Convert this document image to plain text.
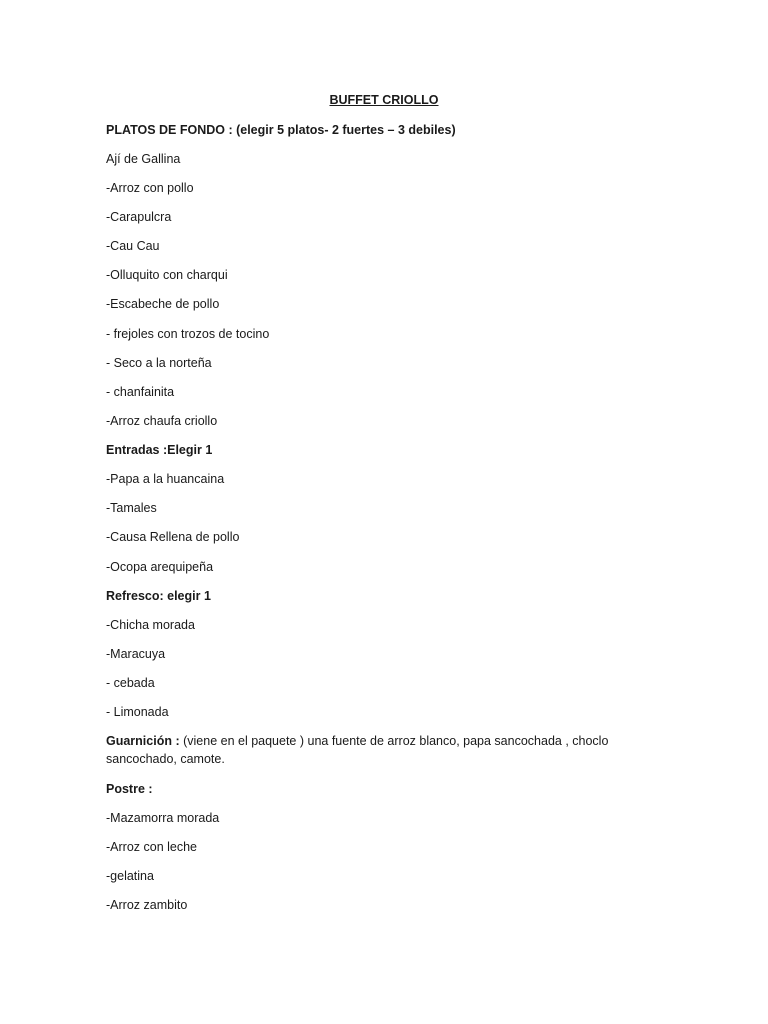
BUFFET CRIOLLO
PLATOS DE FONDO : (elegir 5 platos- 2 fuertes – 3 debiles)
Ají de Gallina
-Arroz con pollo
-Carapulcra
-Cau Cau
-Olluquito con charqui
-Escabeche de pollo
- frejoles con trozos de tocino
- Seco a la norteña
- chanfainita
-Arroz chaufa criollo
Entradas :Elegir 1
-Papa a la huancaina
-Tamales
-Causa Rellena de pollo
-Ocopa arequipeña
Refresco: elegir 1
-Chicha morada
-Maracuya
- cebada
- Limonada
Guarnición : (viene en el paquete ) una fuente de arroz blanco, papa sancochada , choclo sancochado, camote.
Postre :
-Mazamorra morada
-Arroz con leche
-gelatina
-Arroz zambito
